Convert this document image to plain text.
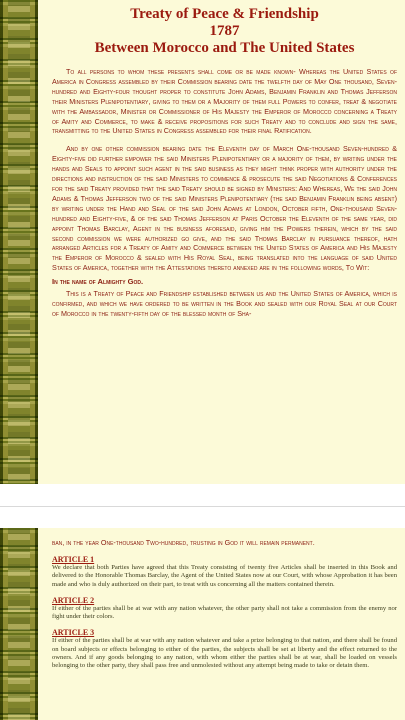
Treaty of Peace & Friendship
1787
Between Morocco and The United States

To all persons to whom these presents shall come or be made known- Whereas the United States of America in Congress assembled by their Commission bearing date the twelfth day of May One thousand, Seven-hundred and Eighty-four thought proper to constitute John Adams, Benjamin Franklin and Thomas Jefferson their Ministers Plenipotentiary, giving to them or a Majority of them full Powers to confer, treat & negotiate with the Ambassador, Minister or Commissioner of His Majesty the Emperor of Morocco concerning a Treaty of Amity and Commerce, to make & receive propositions for such Treaty and to conclude and sign the same, transmitting to the United States in Congress assembled for their final Ratification.

And by one other commission bearing date the Eleventh day of March One-thousand Seven-hundred & Eighty-five did further empower the said Ministers Plenipotentiary or a majority of them, by writing under the hands and Seals to appoint such agent in the said business as they might think proper with authority under the directions and instruction of the said Ministers to commence & prosecute the said Negotiations & Conferences for the said Treaty provided that the said Treaty should be signed by Ministers: And Whereas, We the said John Adams & Thomas Jefferson two of the said Ministers Plenipotentiary (the said Benjamin Franklin being absent) by writing under the Hand and Seal of the said John Adams at London, October fifth, One-thousand Seven-hundred and Eighty-five, & of the said Thomas Jefferson at Paris October the Eleventh of the same year, did appoint Thomas Barclay, Agent in the business aforesaid, giving him the Powers therein, which by the said second commission we were authorized go give, and the said Thomas Barclay in pursuance thereof, hath arranged Articles for a Treaty of Amity and Commerce between the United States of America and His Majesty the Emperor of Morocco & sealed with His Royal Seal, being translated into the language of said United States of America, together with the Attestations thereto annexed are in the following words, To Wit:

In the name of Almighty God.

This is a Treaty of Peace and Friendship established between us and the United States of America, which is confirmed, and which we have ordered to be written in the Book and sealed with our Royal Seal at our Court of Morocco in the twenty-fifth day of the blessed month of Sha-

ban, in the year One-thousand Two-hundred, trusting in God it will remain permanent.

ARTICLE 1

We declare that both Parties have agreed that this Treaty consisting of twenty five Articles shall be inserted in this Book and delivered to the Honorable Thomas Barclay, the Agent of the United States now at our Court, with whose Approbation it has been made and who is duly authorized on their part, to treat with us concerning all the matters contained therein.

ARTICLE 2

If either of the parties shall be at war with any nation whatever, the other party shall not take a commission from the enemy nor fight under their colors.

ARTICLE 3

If either of the parties shall be at war with any nation whatever and take a prize belonging to that nation, and there shall be found on board subjects or effects belonging to either of the parties, the subjects shall be set at liberty and the effect returned to the owners. And if any goods belonging to any nation, with whom either the parties shall be at war, shall be loaded on vessels belonging to the other party, they shall pass free and unmolested without any attempt being made to take or detain them.
